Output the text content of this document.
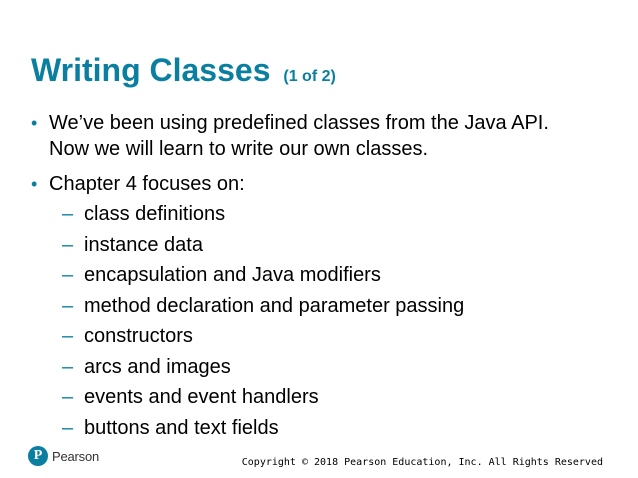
Writing Classes (1 of 2)
• We’ve been using predefined classes from the Java API.
Now we will learn to write our own classes.
• Chapter 4 focuses on:
– class definitions
– instance data
– encapsulation and Java modifiers
– method declaration and parameter passing
– constructors
– arcs and images
– events and event handlers
– buttons and text fields
P Pearson	Copyright © 2018 Pearson Education, Inc. All Rights Reserved
